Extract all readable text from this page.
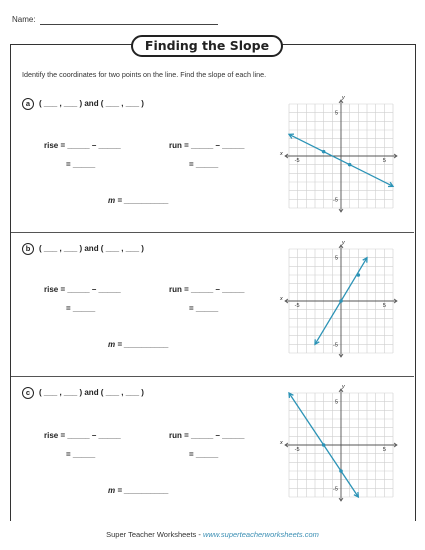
Name:
Finding the Slope
Identify the coordinates for two points on the line. Find the slope of each line.
a ( ___ , ___ ) and ( ___ , ___ )
rise = _____ – _____	run = _____ – _____
= _____	= _____
m = __________
x
y
-5	5
5
-5
b ( ___ , ___ ) and ( ___ , ___ )
rise = _____ – _____	run = _____ – _____
= _____	= _____
m = __________
x
y
-5	5
5
-5
c ( ___ , ___ ) and ( ___ , ___ )
rise = _____ – _____	run = _____ – _____
= _____	= _____
m = __________
x
y
-5	5
5
-5
Super Teacher Worksheets - www.superteacherworksheets.com
